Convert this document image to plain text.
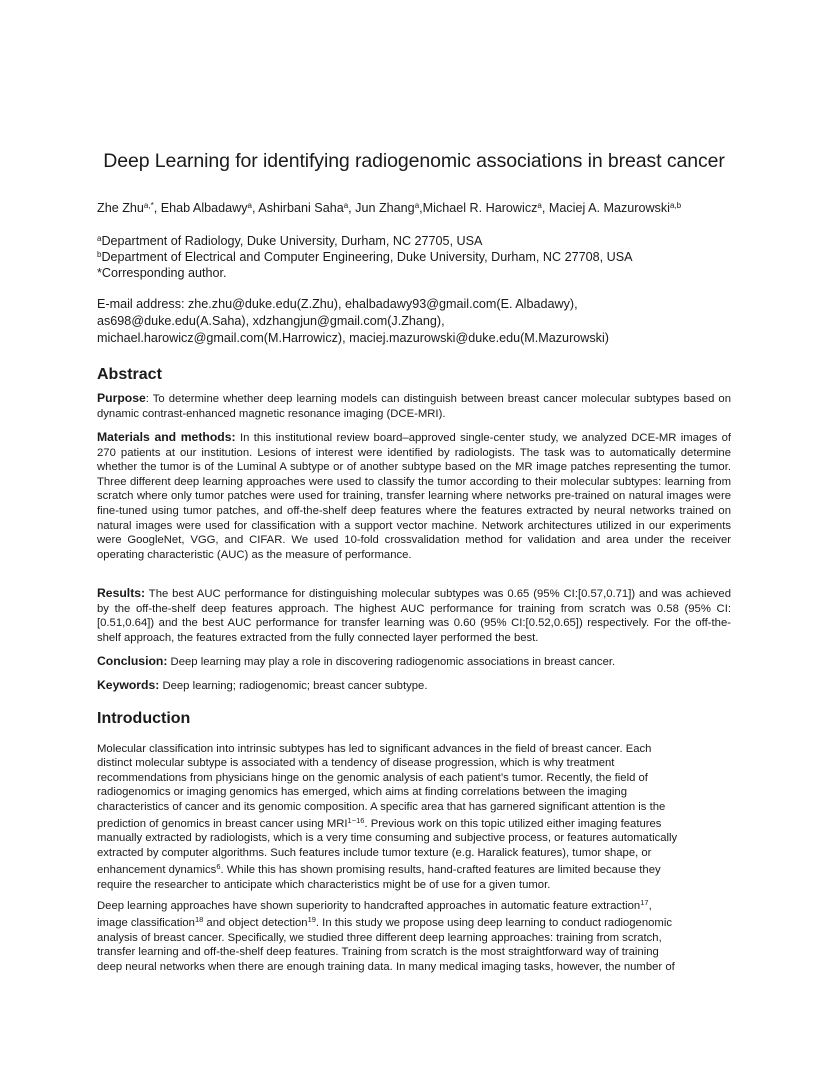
Deep Learning for identifying radiogenomic associations in breast cancer
Zhe Zhu$^{a,*}$, Ehab Albadawy$^a$, Ashirbani Saha$^a$, Jun Zhang$^a$,Michael R. Harowicz$^a$, Maciej A. Mazurowski$^{a,b}$
$^a$Department of Radiology, Duke University, Durham, NC 27705, USA
$^b$Department of Electrical and Computer Engineering, Duke University, Durham, NC 27708, USA
*Corresponding author.
E-mail address: zhe.zhu@duke.edu(Z.Zhu), ehalbadawy93@gmail.com(E. Albadawy),
as698@duke.edu(A.Saha), xdzhangjun@gmail.com(J.Zhang),
michael.harowicz@gmail.com(M.Harrowicz), maciej.mazurowski@duke.edu(M.Mazurowski)
Abstract

Purpose: To determine whether deep learning models can distinguish between breast cancer molecular subtypes based on dynamic contrast-enhanced magnetic resonance imaging (DCE-MRI).

Materials and methods: In this institutional review board–approved single-center study, we analyzed DCE-MR images of 270 patients at our institution. Lesions of interest were identified by radiologists. The task was to automatically determine whether the tumor is of the Luminal A subtype or of another subtype based on the MR image patches representing the tumor. Three different deep learning approaches were used to classify the tumor according to their molecular subtypes: learning from scratch where only tumor patches were used for training, transfer learning where networks pre-trained on natural images were fine-tuned using tumor patches, and off-the-shelf deep features where the features extracted by neural networks trained on natural images were used for classification with a support vector machine. Network architectures utilized in our experiments were GoogleNet, VGG, and CIFAR. We used 10-fold crossvalidation method for validation and area under the receiver operating characteristic (AUC) as the measure of performance.

Results: The best AUC performance for distinguishing molecular subtypes was 0.65 (95% CI:[0.57,0.71]) and was achieved by the off-the-shelf deep features approach. The highest AUC performance for training from scratch was 0.58 (95% CI:[0.51,0.64]) and the best AUC performance for transfer learning was 0.60 (95% CI:[0.52,0.65]) respectively. For the off-the-shelf approach, the features extracted from the fully connected layer performed the best.

Conclusion: Deep learning may play a role in discovering radiogenomic associations in breast cancer.

Keywords: Deep learning; radiogenomic; breast cancer subtype.

Introduction
Molecular classification into intrinsic subtypes has led to significant advances in the field of breast cancer. Each
distinct molecular subtype is associated with a tendency of disease progression, which is why treatment
recommendations from physicians hinge on the genomic analysis of each patient’s tumor. Recently, the field of
radiogenomics or imaging genomics has emerged, which aims at finding correlations between the imaging
characteristics of cancer and its genomic composition. A specific area that has garnered significant attention is the
prediction of genomics in breast cancer using $MRI^{1-16}$. Previous work on this topic utilized either imaging features
manually extracted by radiologists, which is a very time consuming and subjective process, or features automatically
extracted by computer algorithms. Such features include tumor texture (e.g. Haralick features), tumor shape, or
enhancement dynamics$^6$. While this has shown promising results, hand-crafted features are limited because they
require the researcher to anticipate which characteristics might be of use for a given tumor.
Deep learning approaches have shown superiority to handcrafted approaches in automatic feature extraction$^{17}$,
image classification$^{18}$ and object detection$^{19}$. In this study we propose using deep learning to conduct radiogenomic
analysis of breast cancer. Specifically, we studied three different deep learning approaches: training from scratch,
transfer learning and off-the-shelf deep features. Training from scratch is the most straightforward way of training
deep neural networks when there are enough training data. In many medical imaging tasks, however, the number of
